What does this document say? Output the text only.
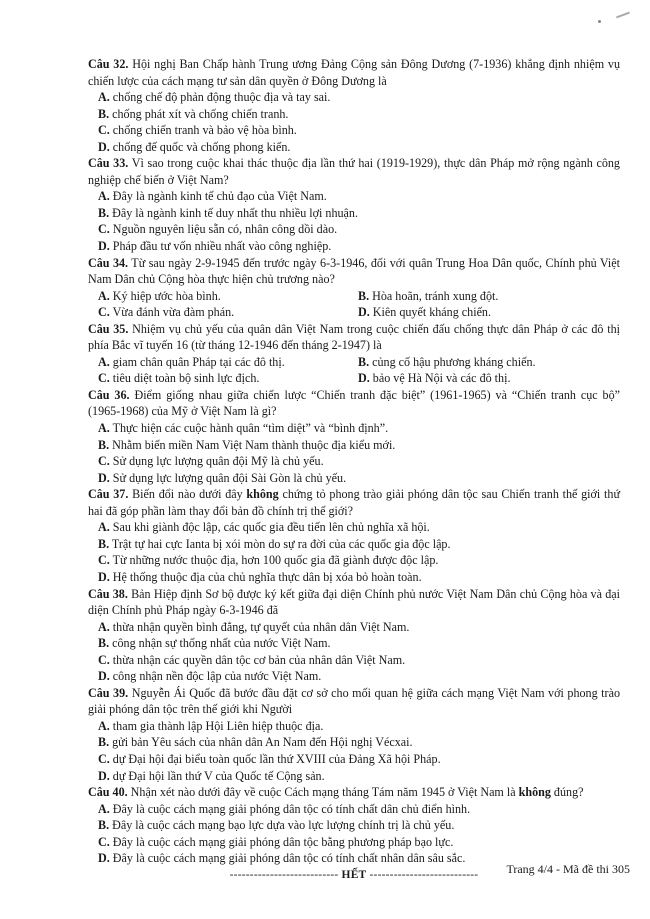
Câu 32. Hội nghị Ban Chấp hành Trung ương Đảng Cộng sản Đông Dương (7-1936) khẳng định nhiệm vụ chiến lược của cách mạng tư sản dân quyền ở Đông Dương là

A. chống chế độ phản động thuộc địa và tay sai.

B. chống phát xít và chống chiến tranh.

C. chống chiến tranh và bảo vệ hòa bình.

D. chống đế quốc và chống phong kiến.

Câu 33. Vì sao trong cuộc khai thác thuộc địa lần thứ hai (1919-1929), thực dân Pháp mở rộng ngành công nghiệp chế biến ở Việt Nam?

A. Đây là ngành kinh tế chủ đạo của Việt Nam.

B. Đây là ngành kinh tế duy nhất thu nhiều lợi nhuận.

C. Nguồn nguyên liệu sẵn có, nhân công dồi dào.

D. Pháp đầu tư vốn nhiều nhất vào công nghiệp.

Câu 34. Từ sau ngày 2-9-1945 đến trước ngày 6-3-1946, đối với quân Trung Hoa Dân quốc, Chính phủ Việt Nam Dân chủ Cộng hòa thực hiện chủ trương nào?

A. Ký hiệp ước hòa bình.	B. Hòa hoãn, tránh xung đột.
C. Vừa đánh vừa đàm phán.	D. Kiên quyết kháng chiến.

Câu 35. Nhiệm vụ chủ yếu của quân dân Việt Nam trong cuộc chiến đấu chống thực dân Pháp ở các đô thị phía Bắc vĩ tuyến 16 (từ tháng 12-1946 đến tháng 2-1947) là

A. giam chân quân Pháp tại các đô thị.	B. củng cố hậu phương kháng chiến.
C. tiêu diệt toàn bộ sinh lực địch.	D. bảo vệ Hà Nội và các đô thị.

Câu 36. Điểm giống nhau giữa chiến lược “Chiến tranh đặc biệt” (1961-1965) và “Chiến tranh cục bộ” (1965-1968) của Mỹ ở Việt Nam là gì?

A. Thực hiện các cuộc hành quân “tìm diệt” và “bình định”.

B. Nhằm biến miền Nam Việt Nam thành thuộc địa kiểu mới.

C. Sử dụng lực lượng quân đội Mỹ là chủ yếu.

D. Sử dụng lực lượng quân đội Sài Gòn là chủ yếu.

Câu 37. Biến đổi nào dưới đây không chứng tỏ phong trào giải phóng dân tộc sau Chiến tranh thế giới thứ hai đã góp phần làm thay đổi bản đồ chính trị thế giới?

A. Sau khi giành độc lập, các quốc gia đều tiến lên chủ nghĩa xã hội.

B. Trật tự hai cực Ianta bị xói mòn do sự ra đời của các quốc gia độc lập.

C. Từ những nước thuộc địa, hơn 100 quốc gia đã giành được độc lập.

D. Hệ thống thuộc địa của chủ nghĩa thực dân bị xóa bỏ hoàn toàn.

Câu 38. Bản Hiệp định Sơ bộ được ký kết giữa đại diện Chính phủ nước Việt Nam Dân chủ Cộng hòa và đại diện Chính phủ Pháp ngày 6-3-1946 đã

A. thừa nhận quyền bình đẳng, tự quyết của nhân dân Việt Nam.

B. công nhận sự thống nhất của nước Việt Nam.

C. thừa nhận các quyền dân tộc cơ bản của nhân dân Việt Nam.

D. công nhận nền độc lập của nước Việt Nam.

Câu 39. Nguyễn Ái Quốc đã bước đầu đặt cơ sở cho mối quan hệ giữa cách mạng Việt Nam với phong trào giải phóng dân tộc trên thế giới khi Người

A. tham gia thành lập Hội Liên hiệp thuộc địa.

B. gửi bản Yêu sách của nhân dân An Nam đến Hội nghị Vécxai.

C. dự Đại hội đại biểu toàn quốc lần thứ XVIII của Đảng Xã hội Pháp.

D. dự Đại hội lần thứ V của Quốc tế Cộng sản.

Câu 40. Nhận xét nào dưới đây về cuộc Cách mạng tháng Tám năm 1945 ở Việt Nam là không đúng?

A. Đây là cuộc cách mạng giải phóng dân tộc có tính chất dân chủ điển hình.

B. Đây là cuộc cách mạng bạo lực dựa vào lực lượng chính trị là chủ yếu.

C. Đây là cuộc cách mạng giải phóng dân tộc bằng phương pháp bạo lực.

D. Đây là cuộc cách mạng giải phóng dân tộc có tính chất nhân dân sâu sắc.

--------------------------- HẾT ---------------------------	Trang 4/4 - Mã đề thi 305
